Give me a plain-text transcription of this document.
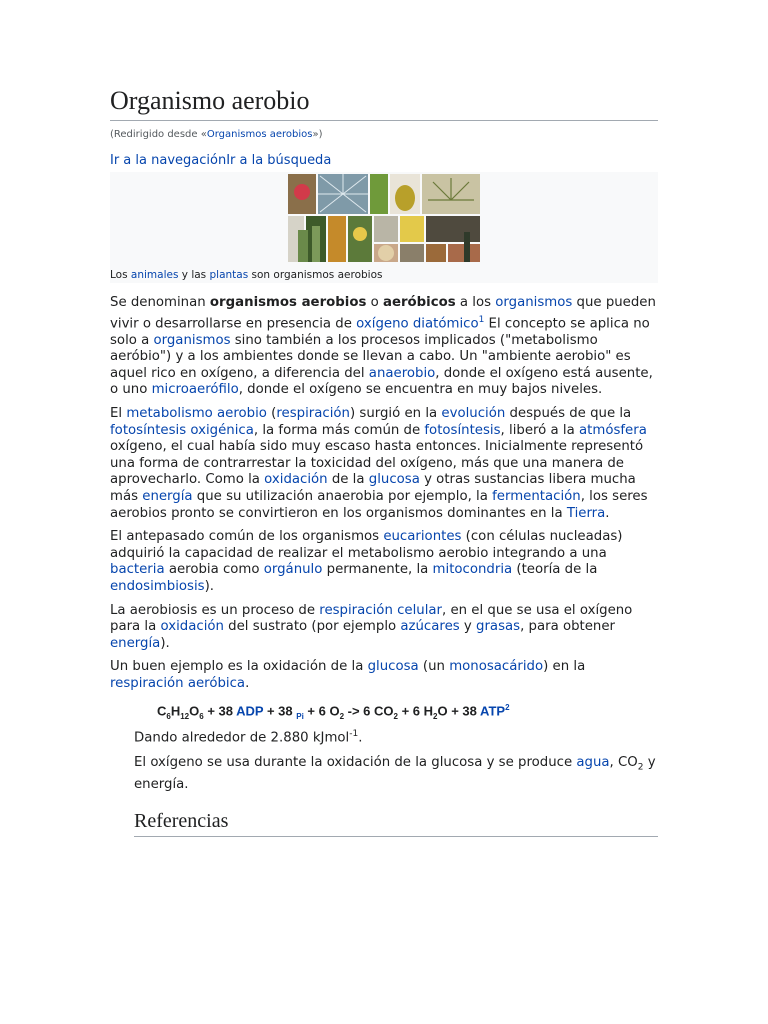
Organismo aerobio
(Redirigido desde «Organismos aerobios»)
Ir a la navegaciónIr a la búsqueda
Los animales y las plantas son organismos aerobios

Se denominan organismos aerobios o aeróbicos a los organismos que pueden vivir o desarrollarse en presencia de oxígeno diatómico$^1$ El concepto se aplica no solo a organismos sino también a los procesos implicados ("metabolismo aeróbio") y a los ambientes donde se llevan a cabo. Un "ambiente aerobio" es aquel rico en oxígeno, a diferencia del anaerobio, donde el oxígeno está ausente, o uno microaerófilo, donde el oxígeno se encuentra en muy bajos niveles.

El metabolismo aerobio (respiración) surgió en la evolución después de que la fotosíntesis oxigénica, la forma más común de fotosíntesis, liberó a la atmósfera oxígeno, el cual había sido muy escaso hasta entonces. Inicialmente representó una forma de contrarrestar la toxicidad del oxígeno, más que una manera de aprovecharlo. Como la oxidación de la glucosa y otras sustancias libera mucha más energía que su utilización anaerobia por ejemplo, la fermentación, los seres aerobios pronto se convirtieron en los organismos dominantes en la Tierra.

El antepasado común de los organismos eucariontes (con células nucleadas) adquirió la capacidad de realizar el metabolismo aerobio integrando a una bacteria aerobia como orgánulo permanente, la mitocondria (teoría de la endosimbiosis).

La aerobiosis es un proceso de respiración celular, en el que se usa el oxígeno para la oxidación del sustrato (por ejemplo azúcares y grasas, para obtener energía).

Un buen ejemplo es la oxidación de la glucosa (un monosacárido) en la respiración aeróbica.

$C_6H_{12}O_6 + 38$ ADP + 38 $_{Pi}$ + 6 $O_2 -> 6$ $CO_2 + 6$ $H_2O + 38$ ATP$^2$

Dando alrededor de 2.880 kJmol$^{-1}$.

El oxígeno se usa durante la oxidación de la glucosa y se produce agua, $CO_2$ y energía.

Referencias
